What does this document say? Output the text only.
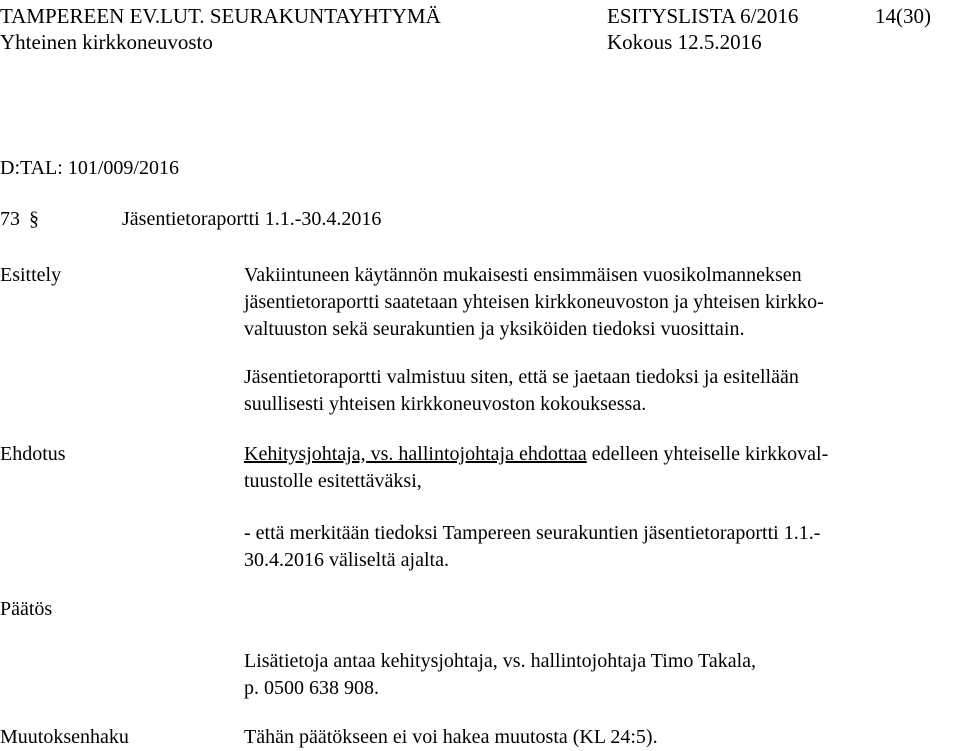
TAMPEREEN EV.LUT. SEURAKUNTAYHTYMÄ	ESITYSLISTA 6/2016	14(30)
Yhteinen kirkkoneuvosto	Kokous 12.5.2016
D:TAL: 101/009/2016
73 §	Jäsentietoraportti 1.1.-30.4.2016
Esittely	Vakiintuneen käytännön mukaisesti ensimmäisen vuosikolmanneksen
jäsentietoraportti saatetaan yhteisen kirkkoneuvoston ja yhteisen kirkko-
valtuuston sekä seurakuntien ja yksiköiden tiedoksi vuosittain.
Jäsentietoraportti valmistuu siten, että se jaetaan tiedoksi ja esitellään
suullisesti yhteisen kirkkoneuvoston kokouksessa.
Ehdotus	Kehitysjohtaja, vs. hallintojohtaja ehdottaa edelleen yhteiselle kirkkoval-
tuustolle esitettäväksi,
- että merkitään tiedoksi Tampereen seurakuntien jäsentietoraportti 1.1.-
30.4.2016 väliseltä ajalta.
Päätös
Lisätietoja antaa kehitysjohtaja, vs. hallintojohtaja Timo Takala,
p. 0500 638 908.
Muutoksenhaku	Tähän päätökseen ei voi hakea muutosta (KL 24:5).
